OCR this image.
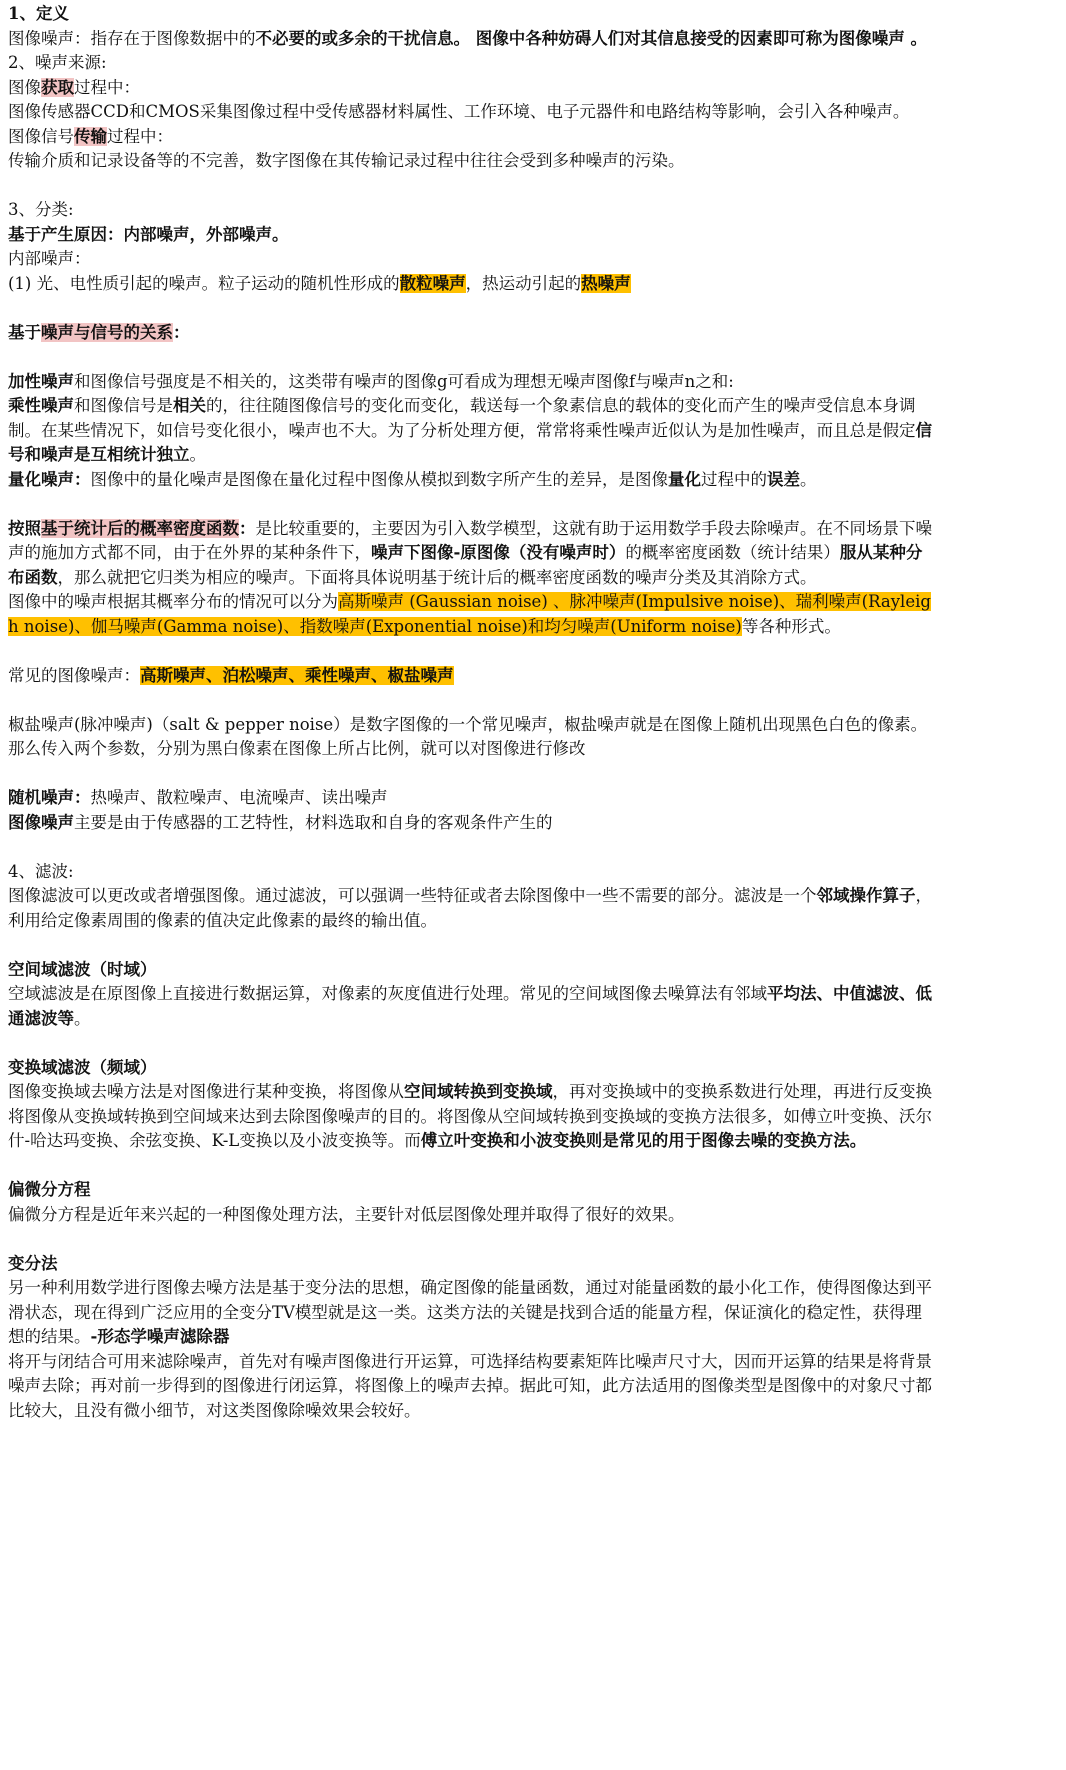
1、定义

图像噪声：指存在于图像数据中的不必要的或多余的干扰信息。 图像中各种妨碍人们对其信息接受的因素即可称为图像噪声 。

2、噪声来源:

图像获取过程中：

图像传感器CCD和CMOS采集图像过程中受传感器材料属性、工作环境、电子元器件和电路结构等影响，会引入各种噪声。

图像信号传输过程中：

传输介质和记录设备等的不完善，数字图像在其传输记录过程中往往会受到多种噪声的污染。

3、分类:

基于产生原因：内部噪声，外部噪声。

内部噪声：

(1) 光、电性质引起的噪声。粒子运动的随机性形成的散粒噪声，热运动引起的热噪声

基于噪声与信号的关系：

加性噪声和图像信号强度是不相关的，这类带有噪声的图像g可看成为理想无噪声图像f与噪声n之和:

乘性噪声和图像信号是相关的，往往随图像信号的变化而变化，载送每一个象素信息的载体的变化而产生的噪声受信息本身调制。在某些情况下，如信号变化很小，噪声也不大。为了分析处理方便，常常将乘性噪声近似认为是加性噪声，而且总是假定信号和噪声是互相统计独立。

量化噪声：图像中的量化噪声是图像在量化过程中图像从模拟到数字所产生的差异，是图像量化过程中的误差。

按照基于统计后的概率密度函数：是比较重要的，主要因为引入数学模型，这就有助于运用数学手段去除噪声。在不同场景下噪声的施加方式都不同，由于在外界的某种条件下，噪声下图像-原图像（没有噪声时）的概率密度函数（统计结果）服从某种分布函数，那么就把它归类为相应的噪声。下面将具体说明基于统计后的概率密度函数的噪声分类及其消除方式。

图像中的噪声根据其概率分布的情况可以分为高斯噪声 (Gaussian noise) 、脉冲噪声(Impulsive noise)、瑞利噪声(Rayleigh noise)、伽马噪声(Gamma noise)、指数噪声(Exponential noise)和均匀噪声(Uniform noise)等各种形式。

常见的图像噪声：高斯噪声、泊松噪声、乘性噪声、椒盐噪声

椒盐噪声(脉冲噪声)（salt & pepper noise）是数字图像的一个常见噪声，椒盐噪声就是在图像上随机出现黑色白色的像素。那么传入两个参数，分别为黑白像素在图像上所占比例，就可以对图像进行修改

随机噪声：热噪声、散粒噪声、电流噪声、读出噪声

图像噪声主要是由于传感器的工艺特性，材料选取和自身的客观条件产生的

4、滤波:

图像滤波可以更改或者增强图像。通过滤波，可以强调一些特征或者去除图像中一些不需要的部分。滤波是一个邻域操作算子，利用给定像素周围的像素的值决定此像素的最终的输出值。

空间域滤波（时域）

空域滤波是在原图像上直接进行数据运算，对像素的灰度值进行处理。常见的空间域图像去噪算法有邻域平均法、中值滤波、低通滤波等。

变换域滤波（频域）

图像变换域去噪方法是对图像进行某种变换，将图像从空间域转换到变换域，再对变换域中的变换系数进行处理，再进行反变换将图像从变换域转换到空间域来达到去除图像噪声的目的。将图像从空间域转换到变换域的变换方法很多，如傅立叶变换、沃尔什-哈达玛变换、余弦变换、K-L变换以及小波变换等。而傅立叶变换和小波变换则是常见的用于图像去噪的变换方法。

偏微分方程

偏微分方程是近年来兴起的一种图像处理方法，主要针对低层图像处理并取得了很好的效果。

变分法

另一种利用数学进行图像去噪方法是基于变分法的思想，确定图像的能量函数，通过对能量函数的最小化工作，使得图像达到平滑状态，现在得到广泛应用的全变分TV模型就是这一类。这类方法的关键是找到合适的能量方程，保证演化的稳定性，获得理想的结果。-形态学噪声滤除器

将开与闭结合可用来滤除噪声，首先对有噪声图像进行开运算，可选择结构要素矩阵比噪声尺寸大，因而开运算的结果是将背景噪声去除；再对前一步得到的图像进行闭运算，将图像上的噪声去掉。据此可知，此方法适用的图像类型是图像中的对象尺寸都比较大，且没有微小细节，对这类图像除噪效果会较好。
